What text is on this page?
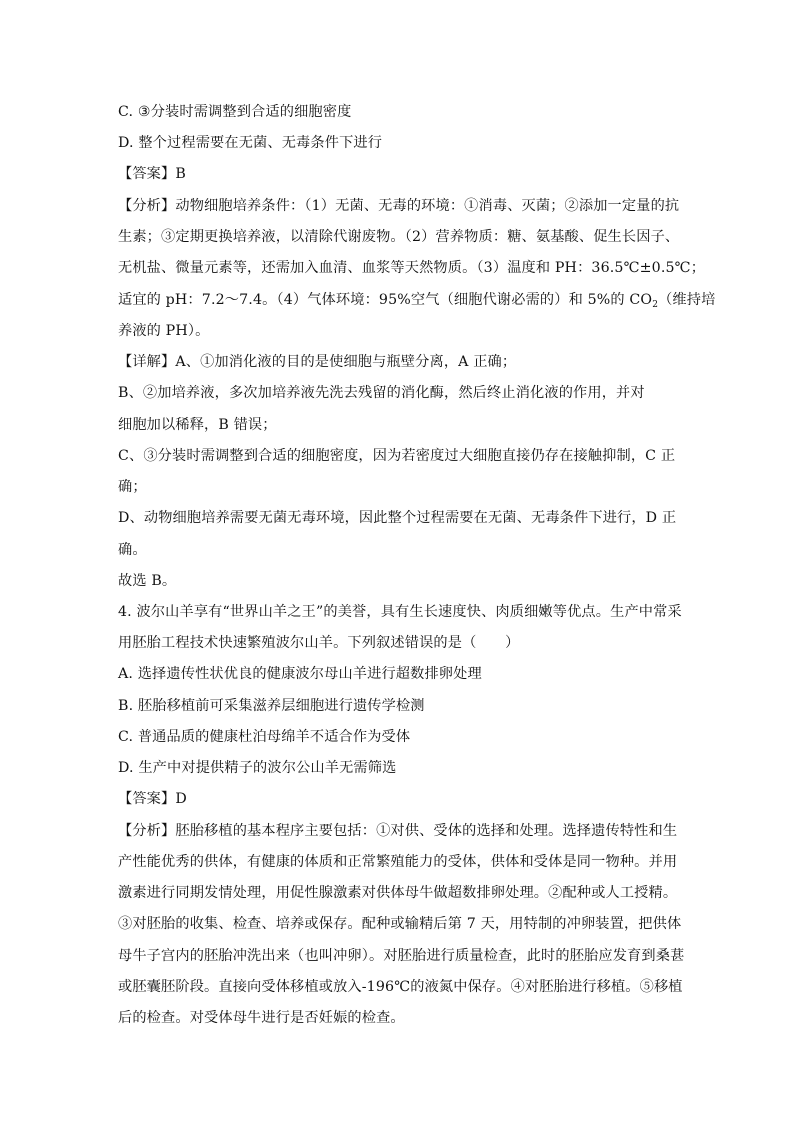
C. ③分装时需调整到合适的细胞密度
D. 整个过程需要在无菌、无毒条件下进行
【答案】B
【分析】动物细胞培养条件：（1）无菌、无毒的环境：①消毒、灭菌；②添加一定量的抗
生素；③定期更换培养液，以清除代谢废物。（2）营养物质：糖、氨基酸、促生长因子、
无机盐、微量元素等，还需加入血清、血浆等天然物质。（3）温度和 PH：36.5℃±0.5℃；
适宜的 pH：7.2～7.4。（4）气体环境：95%空气（细胞代谢必需的）和 5%的 $CO_2$（维持培
养液的 PH）。
【详解】A、①加消化液的目的是使细胞与瓶壁分离，A 正确；
B、②加培养液，多次加培养液先洗去残留的消化酶，然后终止消化液的作用，并对
细胞加以稀释，B 错误；
C、③分装时需调整到合适的细胞密度，因为若密度过大细胞直接仍存在接触抑制，C 正
确；
D、动物细胞培养需要无菌无毒环境，因此整个过程需要在无菌、无毒条件下进行，D 正
确。
故选 B。
4. 波尔山羊享有“世界山羊之王”的美誉，具有生长速度快、肉质细嫩等优点。生产中常采
用胚胎工程技术快速繁殖波尔山羊。下列叙述错误的是（　　）
A. 选择遗传性状优良的健康波尔母山羊进行超数排卵处理
B. 胚胎移植前可采集滋养层细胞进行遗传学检测
C. 普通品质的健康杜泊母绵羊不适合作为受体
D. 生产中对提供精子的波尔公山羊无需筛选
【答案】D
【分析】胚胎移植的基本程序主要包括：①对供、受体的选择和处理。选择遗传特性和生
产性能优秀的供体，有健康的体质和正常繁殖能力的受体，供体和受体是同一物种。并用
激素进行同期发情处理，用促性腺激素对供体母牛做超数排卵处理。②配种或人工授精。
③对胚胎的收集、检查、培养或保存。配种或输精后第 7 天，用特制的冲卵装置，把供体
母牛子宫内的胚胎冲洗出来（也叫冲卵）。对胚胎进行质量检查，此时的胚胎应发育到桑葚
或胚囊胚阶段。直接向受体移植或放入-196℃的液氮中保存。④对胚胎进行移植。⑤移植
后的检查。对受体母牛进行是否妊娠的检查。
